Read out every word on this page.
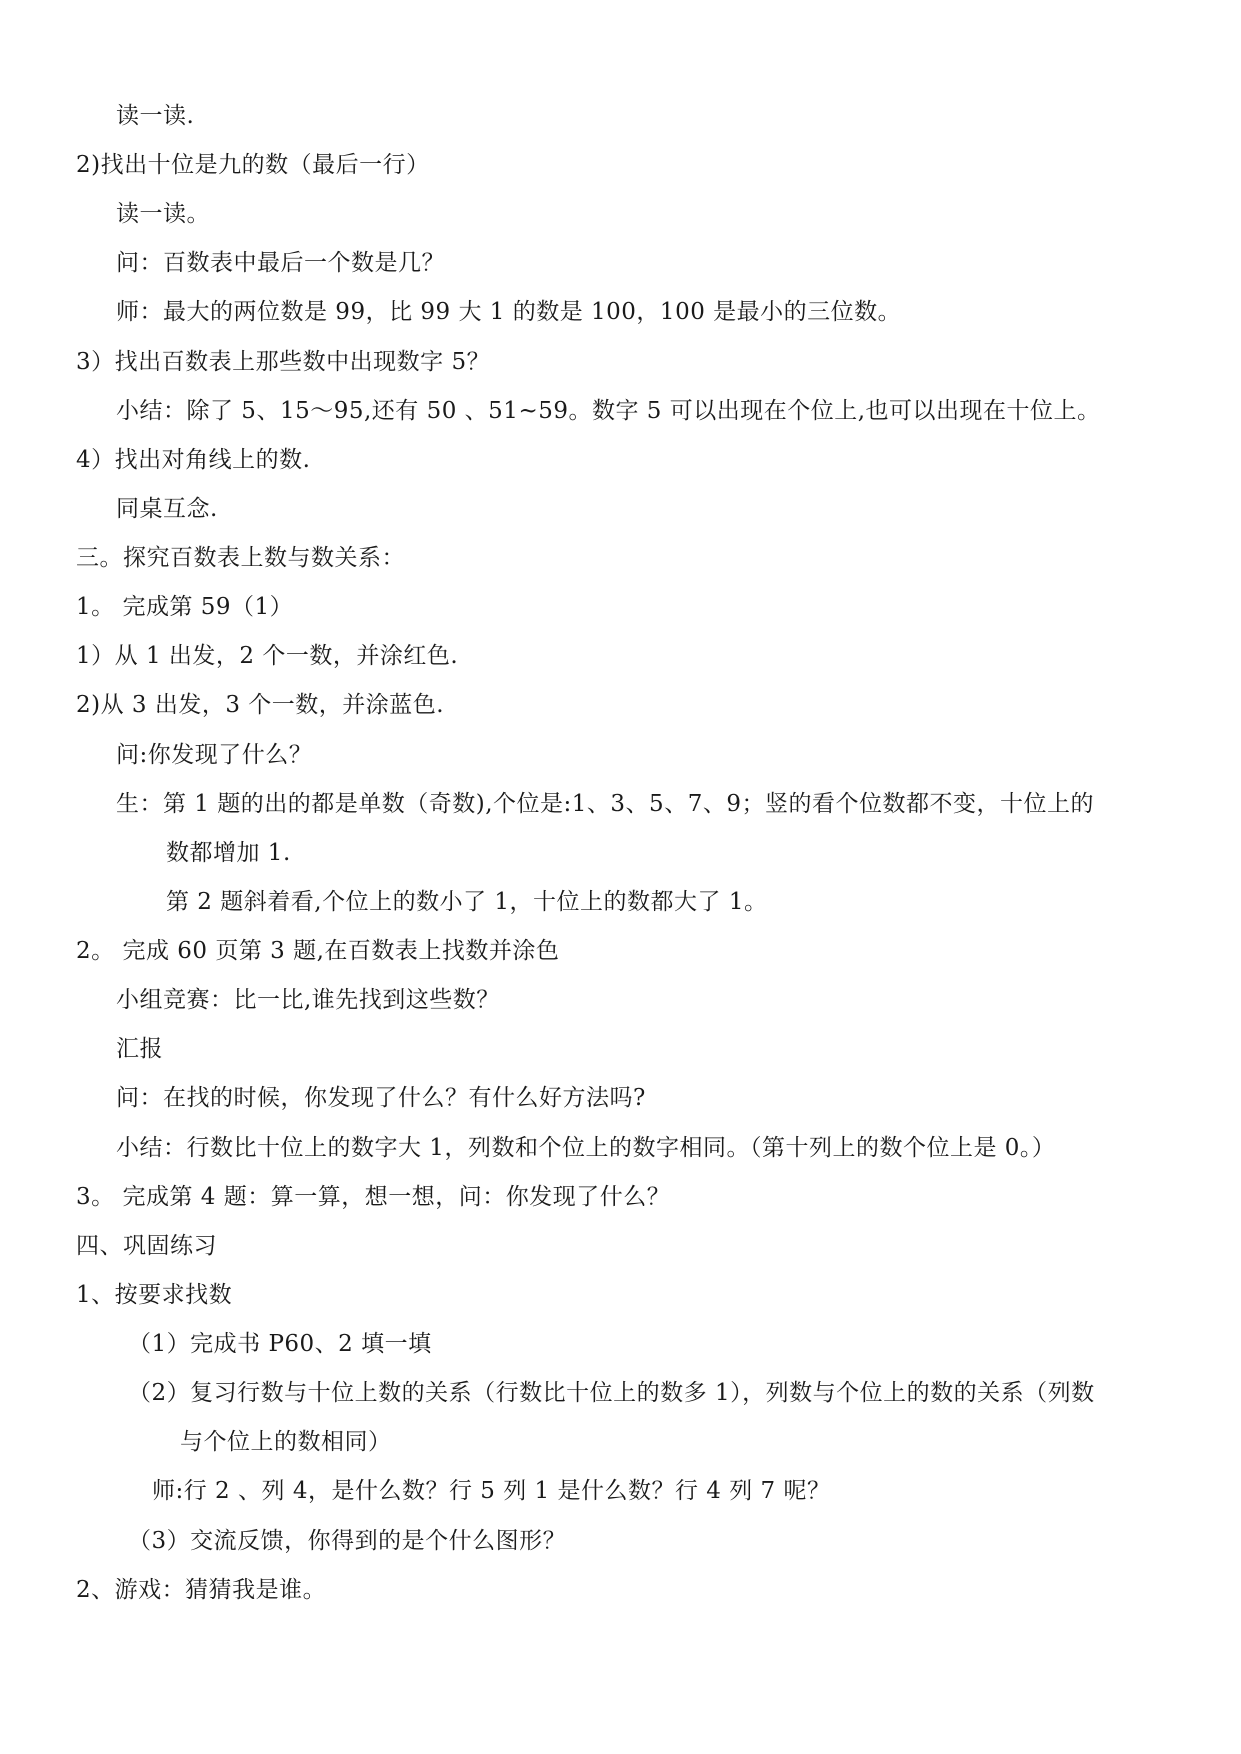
读一读.
2)找出十位是九的数（最后一行）
读一读。
问：百数表中最后一个数是几？
师：最大的两位数是 99，比 99 大 1 的数是 100，100 是最小的三位数。
3）找出百数表上那些数中出现数字 5？
小结：除了 5、15～95,还有 50 、51~59。数字 5 可以出现在个位上,也可以出现在十位上。
4）找出对角线上的数.
同桌互念.
三。探究百数表上数与数关系：
1。 完成第 59（1）
1）从 1 出发，2 个一数，并涂红色.
2)从 3 出发，3 个一数，并涂蓝色.
问:你发现了什么？
生：第 1 题的出的都是单数（奇数),个位是:1、3、5、7、9；竖的看个位数都不变，十位上的
数都增加 1.
第 2 题斜着看,个位上的数小了 1，十位上的数都大了 1。
2。 完成 60 页第 3 题,在百数表上找数并涂色
小组竞赛：比一比,谁先找到这些数？
汇报
问：在找的时候，你发现了什么？有什么好方法吗?
小结：行数比十位上的数字大 1，列数和个位上的数字相同。（第十列上的数个位上是 0。）
3。 完成第 4 题：算一算，想一想，问：你发现了什么？
四、巩固练习
1、按要求找数
（1）完成书 P60、2 填一填
（2）复习行数与十位上数的关系（行数比十位上的数多 1），列数与个位上的数的关系（列数
与个位上的数相同）
师:行 2 、列 4，是什么数？行 5 列 1 是什么数？行 4 列 7 呢？
（3）交流反馈，你得到的是个什么图形？
2、游戏：猜猜我是谁。
